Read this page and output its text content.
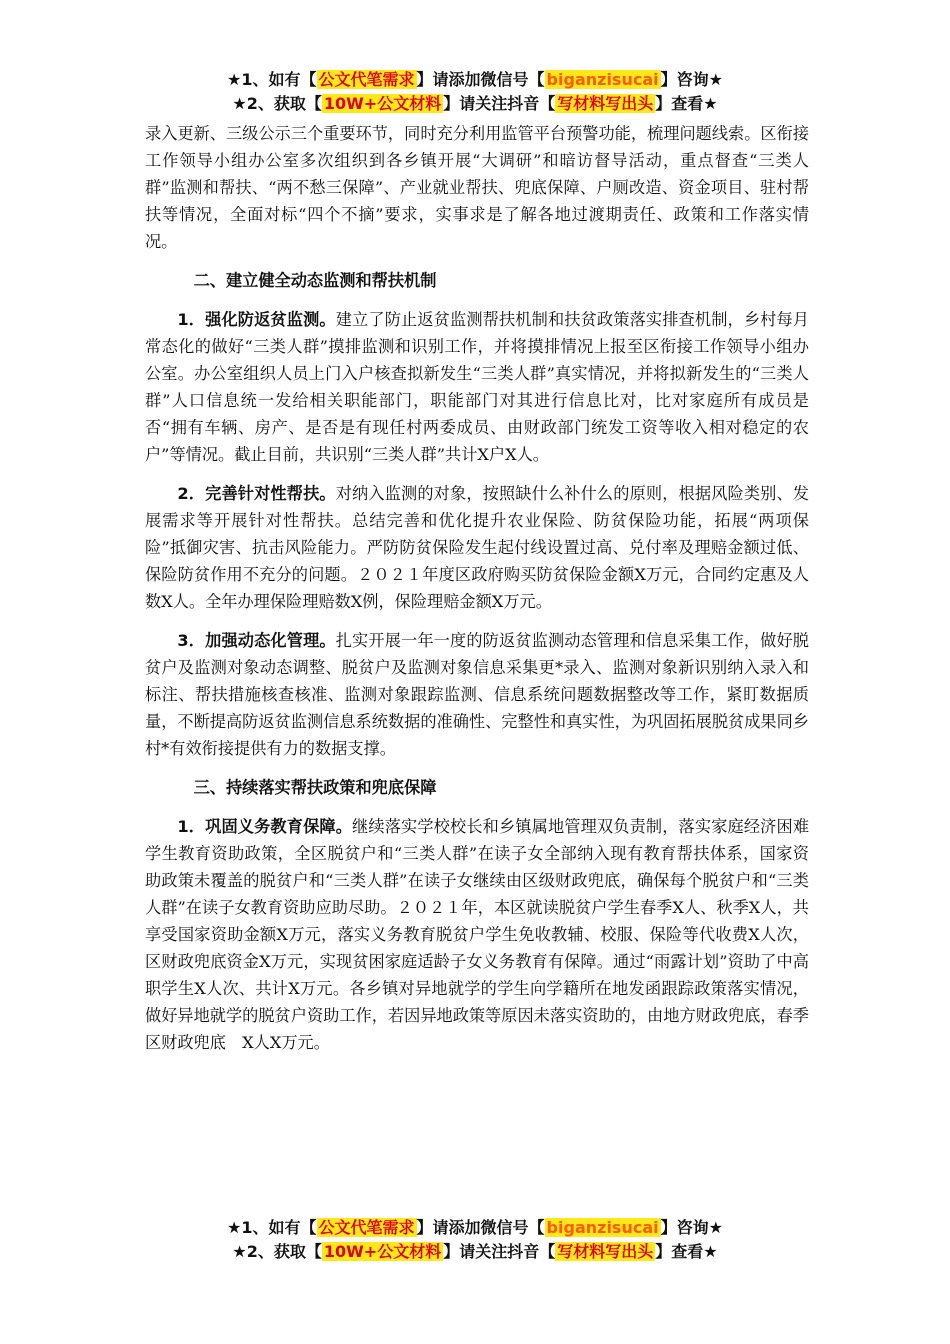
★1、如有【 公文代笔需求 】请添加微信号【 biganzisucai 】咨询★
★2、获取【 10W+公文材料 】请关注抖音【 写材料写出头 】查看★

录入更新、三级公示三个重要环节，同时充分利用监管平台预警功能，梳理问题线索。区衔接工作领导小组办公室多次组织到各乡镇开展“大调研”和暗访督导活动，重点督查“三类人群”监测和帮扶、“两不愁三保障”、产业就业帮扶、兜底保障、户厕改造、资金项目、驻村帮扶等情况，全面对标“四个不摘”要求，实事求是了解各地过渡期责任、政策和工作落实情况。

二、建立健全动态监测和帮扶机制

1．强化防返贫监测。建立了防止返贫监测帮扶机制和扶贫政策落实排查机制，乡村每月常态化的做好“三类人群”摸排监测和识别工作，并将摸排情况上报至区衔接工作领导小组办公室。办公室组织人员上门入户核查拟新发生“三类人群”真实情况，并将拟新发生的“三类人群”人口信息统一发给相关职能部门，职能部门对其进行信息比对，比对家庭所有成员是否“拥有车辆、房产、是否是有现任村两委成员、由财政部门统发工资等收入相对稳定的农户”等情况。截止目前，共识别“三类人群”共计X户X人。

2．完善针对性帮扶。对纳入监测的对象，按照缺什么补什么的原则，根据风险类别、发展需求等开展针对性帮扶。总结完善和优化提升农业保险、防贫保险功能，拓展“两项保险”抵御灾害、抗击风险能力。严防防贫保险发生起付线设置过高、兑付率及理赔金额过低、保险防贫作用不充分的问题。２０２１年度区政府购买防贫保险金额X万元，合同约定惠及人数X人。全年办理保险理赔数X例，保险理赔金额X万元。

3．加强动态化管理。扎实开展一年一度的防返贫监测动态管理和信息采集工作，做好脱贫户及监测对象动态调整、脱贫户及监测对象信息采集更*录入、监测对象新识别纳入录入和标注、帮扶措施核查核准、监测对象跟踪监测、信息系统问题数据整改等工作，紧盯数据质量，不断提高防返贫监测信息系统数据的准确性、完整性和真实性，为巩固拓展脱贫成果同乡村*有效衔接提供有力的数据支撑。

三、持续落实帮扶政策和兜底保障

1．巩固义务教育保障。继续落实学校校长和乡镇属地管理双负责制，落实家庭经济困难学生教育资助政策，全区脱贫户和“三类人群”在读子女全部纳入现有教育帮扶体系，国家资助政策未覆盖的脱贫户和“三类人群”在读子女继续由区级财政兜底，确保每个脱贫户和“三类人群”在读子女教育资助应助尽助。２０２１年，本区就读脱贫户学生春季X人、秋季X人，共享受国家资助金额X万元，落实义务教育脱贫户学生免收教辅、校服、保险等代收费X人次，区财政兜底资金X万元，实现贫困家庭适龄子女义务教育有保障。通过“雨露计划”资助了中高职学生X人次、共计X万元。各乡镇对异地就学的学生向学籍所在地发函跟踪政策落实情况，做好异地就学的脱贫户资助工作，若因异地政策等原因未落实资助的，由地方财政兜底，春季区财政兜底　X人X万元。

★1、如有【 公文代笔需求 】请添加微信号【 biganzisucai 】咨询★
★2、获取【 10W+公文材料 】请关注抖音【 写材料写出头 】查看★
